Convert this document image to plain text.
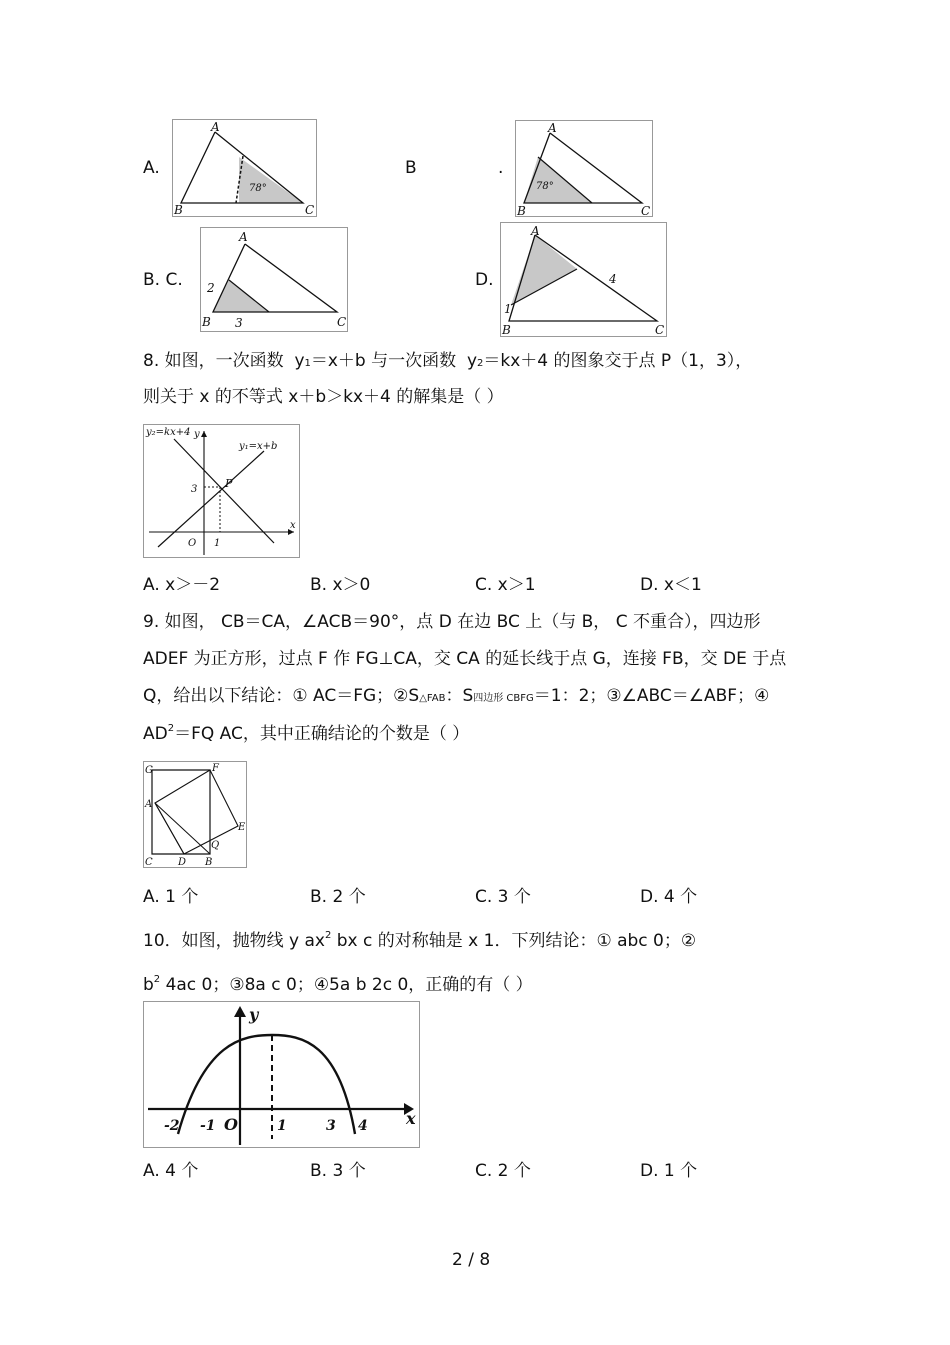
A.
A
B	C
78°
B	.
A
B	C
78°
B. C.
A
B	C
2
3
D.
A
B	C
1
4
8. 如图，一次函数 y1＝x＋b 与一次函数 y2＝kx＋4 的图象交于点 P（1，3），
则关于 x 的不等式 x＋b＞kx＋4 的解集是（ ）
y₂=kx+4 y
y₁=x+b
P
3
O 1
x
A. x＞－2	B. x＞0	C. x＞1	D. x＜1
9. 如图， CB＝CA，∠ACB＝90°，点 D 在边 BC 上（与 B， C 不重合），四边形
ADEF 为正方形，过点 F 作 FG⊥CA，交 CA 的延长线于点 G，连接 FB，交 DE 于点
Q，给出以下结论：① AC＝FG；②S△FAB：S四边形 CBFG＝1：2；③∠ABC＝∠ABF；④
$AD^2=FQ$ AC，其中正确结论的个数是（ ）
G	F
A
E
Q
C	D B
A. 1 个	B. 2 个	C. 3 个	D. 4 个
10．如图，抛物线 y $ax^2$ bx c 的对称轴是 x 1．下列结论：① abc 0；②
$b^2$ 4ac 0；③8a c 0；④5a b 2c 0，正确的有（ ）
y
x
-2 -1 O	1	3 4
A. 4 个	B. 3 个	C. 2 个	D. 1 个
2 / 8
